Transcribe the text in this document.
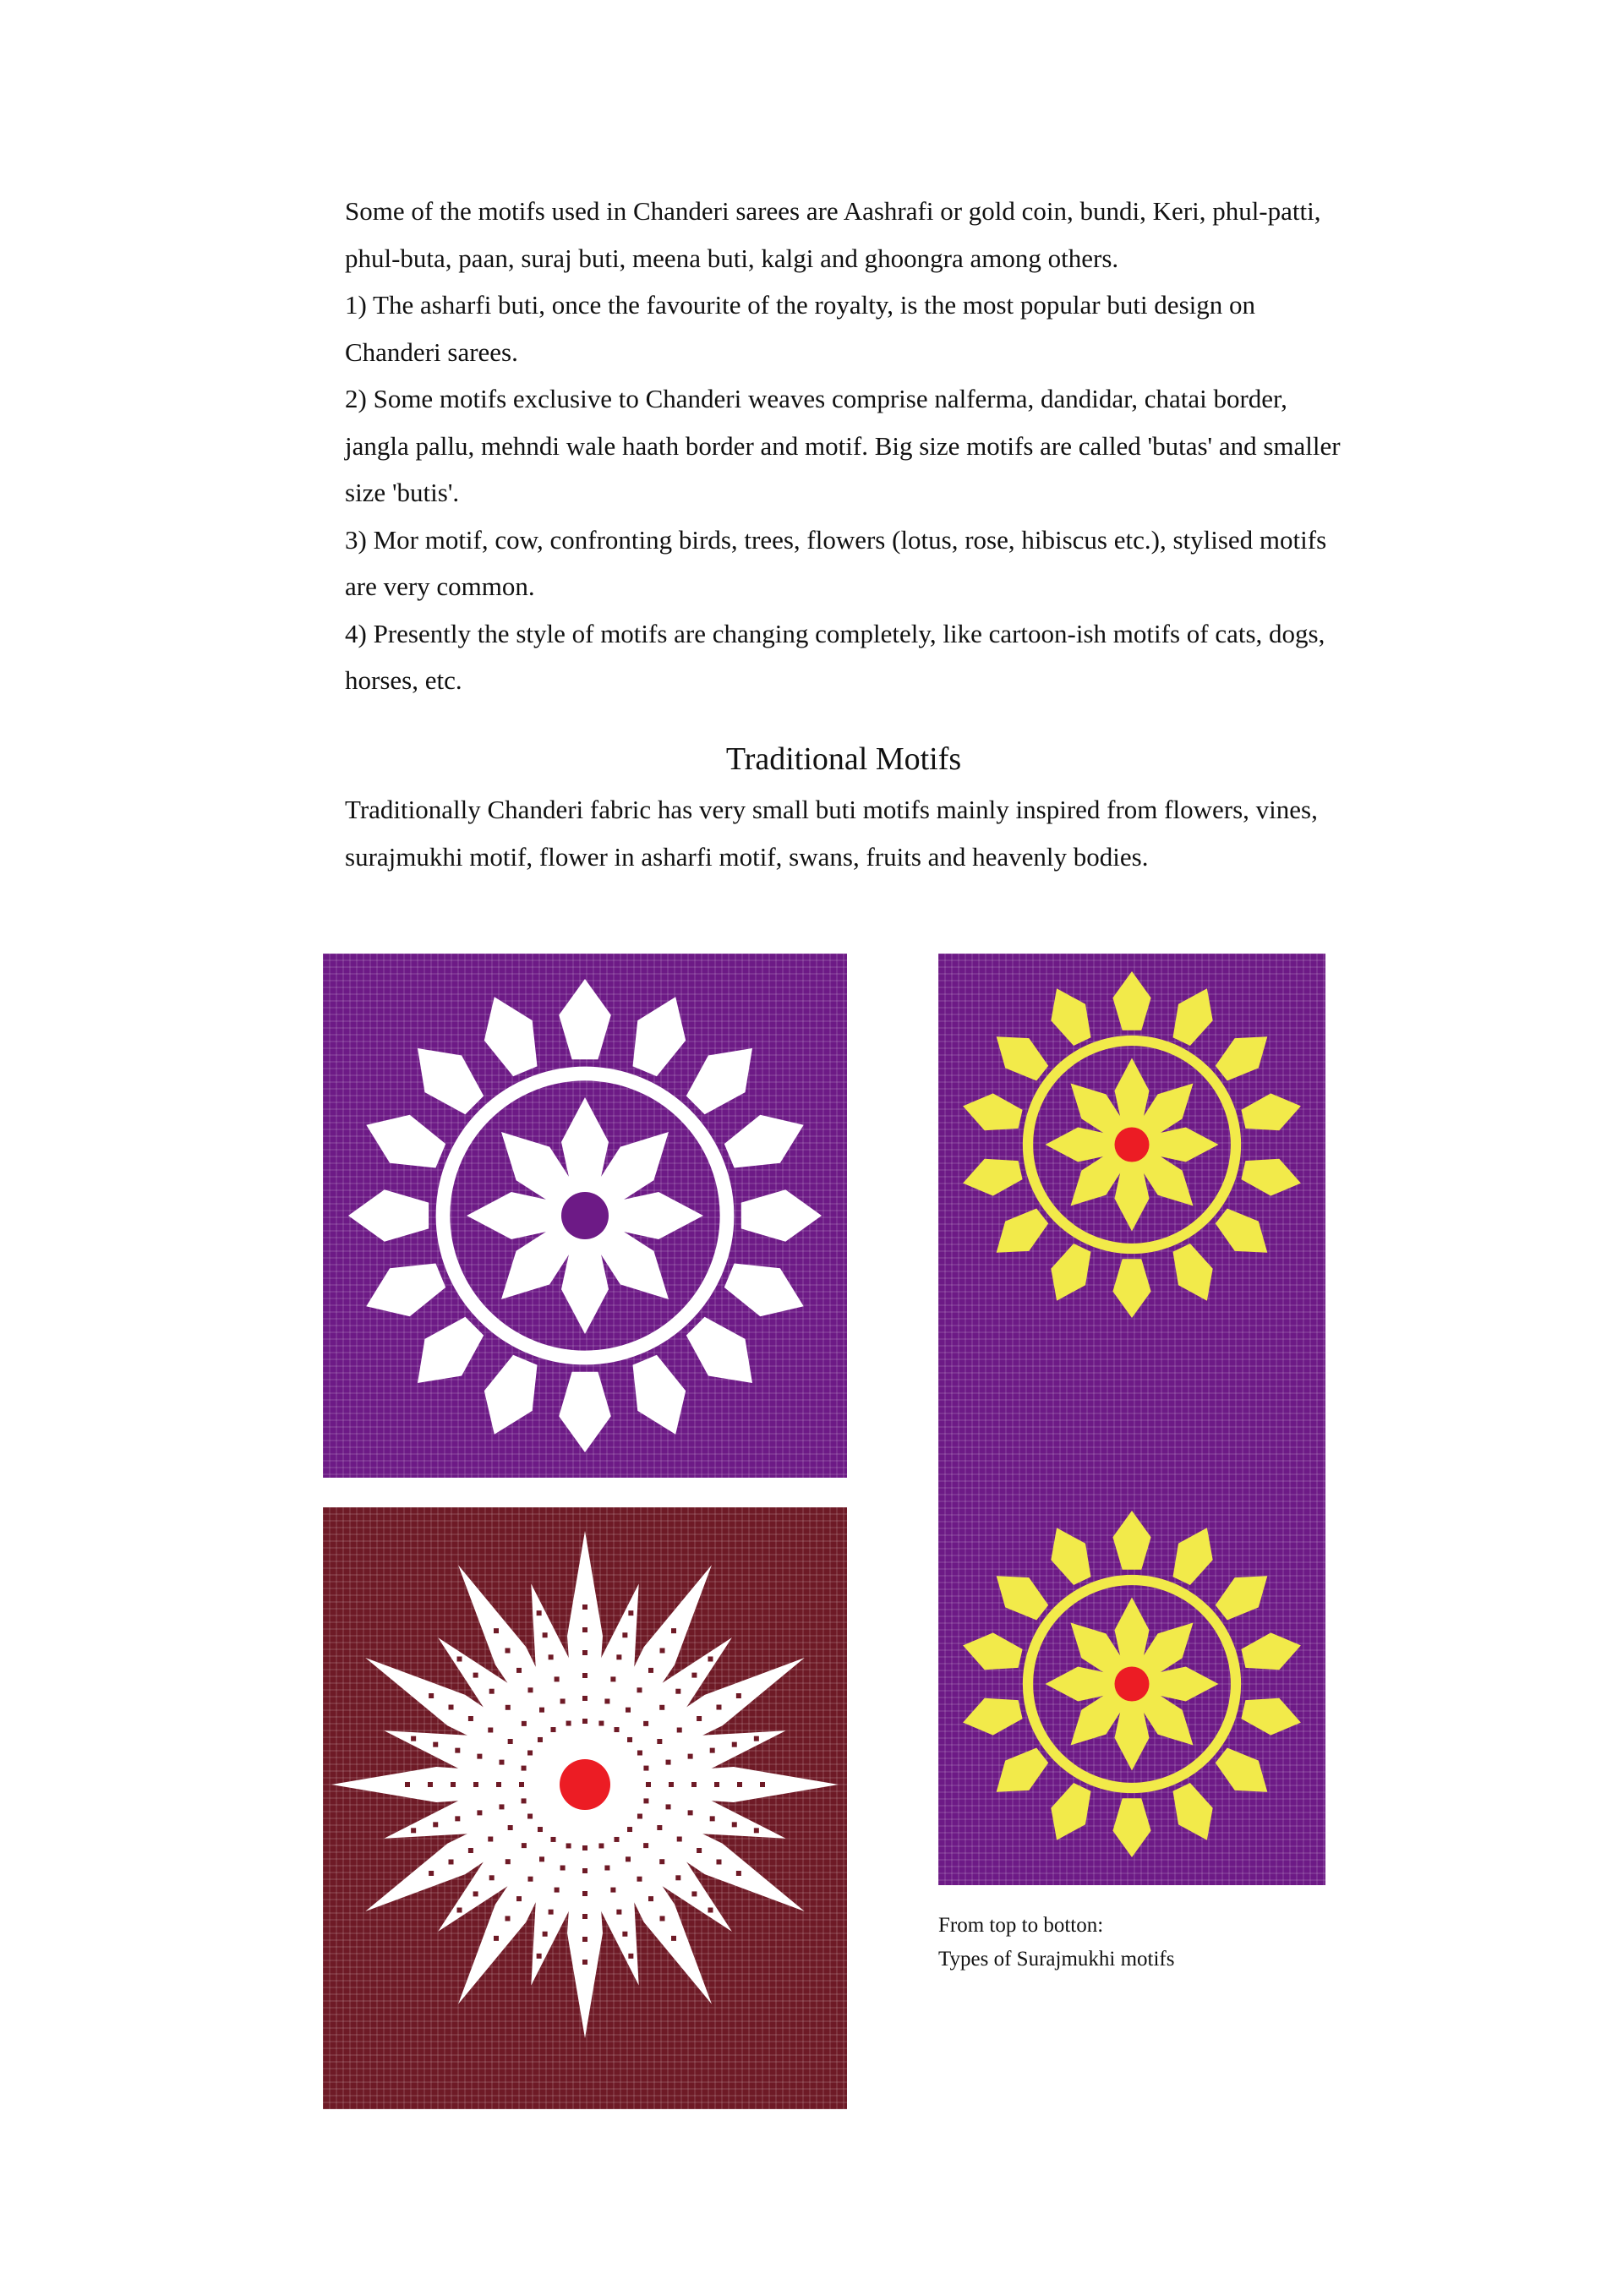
Some of the motifs used in Chanderi sarees are Aashrafi or gold coin, bundi, Keri, phul-patti, phul-buta, paan, suraj buti, meena buti, kalgi and ghoongra among others.

1) The asharfi buti, once the favourite of the royalty, is the most popular buti design on Chanderi sarees.

2) Some motifs exclusive to Chanderi weaves comprise nalferma, dandidar, chatai border, jangla pallu, mehndi wale haath border and motif. Big size motifs are called 'butas' and smaller size 'butis'.

3) Mor motif, cow, confronting birds, trees, flowers (lotus, rose, hibiscus etc.), stylised motifs are very common.

4) Presently the style of motifs are changing completely, like cartoon-ish motifs of cats, dogs, horses, etc.

Traditional Motifs

Traditionally Chanderi fabric has very small buti motifs mainly inspired from flowers, vines, surajmukhi motif, flower in asharfi motif, swans, fruits and heavenly bodies.

From top to botton:
Types of Surajmukhi motifs
